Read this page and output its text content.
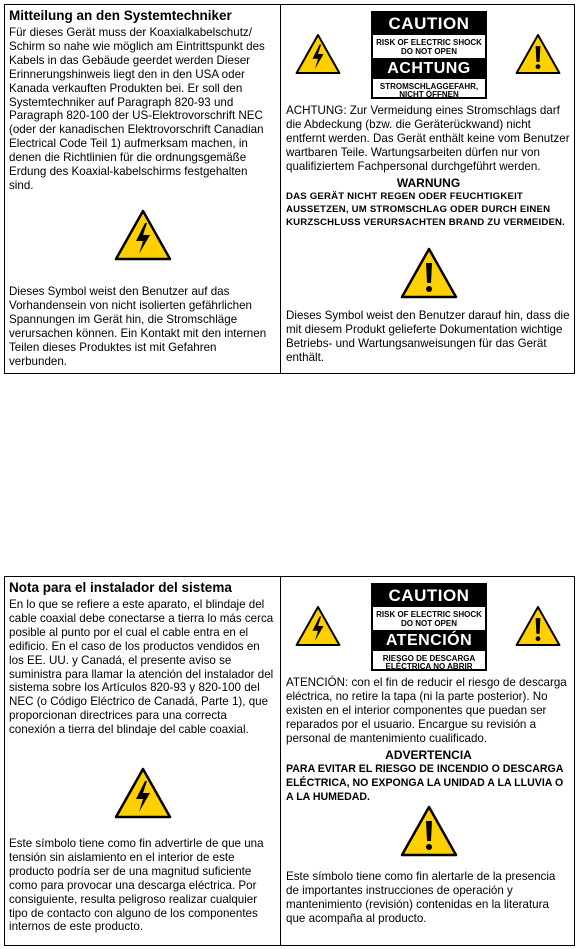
Mitteilung an den Systemtechniker

Für dieses Gerät muss der Koaxialkabelschutz/ Schirm so nahe wie möglich am Eintrittspunkt des Kabels in das Gebäude geerdet werden Dieser Erinnerungshinweis liegt den in den USA oder Kanada verkauften Produkten bei. Er soll den Systemtechniker auf Paragraph 820-93 und Paragraph 820-100 der US-Elektrovorschrift NEC (oder der kanadischen Elektrovorschrift Canadian Electrical Code Teil 1) aufmerksam machen, in denen die Richtlinien für die ordnungsgemäße Erdung des Koaxial-kabelschirms festgehalten sind.

Dieses Symbol weist den Benutzer auf das Vorhandensein von nicht isolierten gefährlichen Spannungen im Gerät hin, die Stromschläge verursachen können. Ein Kontakt mit den internen Teilen dieses Produktes ist mit Gefahren verbunden.

CAUTION
RISK OF ELECTRIC SHOCK
DO NOT OPEN
ACHTUNG
STROMSCHLAGGEFAHR,
NICHT ÖFFNEN

ACHTUNG: Zur Vermeidung eines Stromschlags darf die Abdeckung (bzw. die Geräterückwand) nicht entfernt werden. Das Gerät enthält keine vom Benutzer wartbaren Teile. Wartungsarbeiten dürfen nur von qualifiziertem Fachpersonal durchgeführt werden.

WARNUNG

DAS GERÄT NICHT REGEN ODER FEUCHTIGKEIT AUSSETZEN, UM STROMSCHLAG ODER DURCH EINEN KURZSCHLUSS VERURSACHTEN BRAND ZU VERMEIDEN.

Dieses Symbol weist den Benutzer darauf hin, dass die mit diesem Produkt gelieferte Dokumentation wichtige Betriebs- und Wartungsanweisungen für das Gerät enthält.

Nota para el instalador del sistema

En lo que se refiere a este aparato, el blindaje del cable coaxial debe conectarse a tierra lo más cerca posible al punto por el cual el cable entra en el edificio. En el caso de los productos vendidos en los EE. UU. y Canadá, el presente aviso se suministra para llamar la atención del instalador del sistema sobre los Artículos 820-93 y 820-100 del NEC (o Código Eléctrico de Canadá, Parte 1), que proporcionan directrices para una correcta conexión a tierra del blindaje del cable coaxial.

Este símbolo tiene como fin advertirle de que una tensión sin aislamiento en el interior de este producto podría ser de una magnitud suficiente como para provocar una descarga eléctrica. Por consiguiente, resulta peligroso realizar cualquier tipo de contacto con alguno de los componentes internos de este producto.

CAUTION
RISK OF ELECTRIC SHOCK
DO NOT OPEN
ATENCIÓN
RIESGO DE DESCARGA
ELÉCTRICA NO ABRIR

ATENCIÓN: con el fin de reducir el riesgo de descarga eléctrica, no retire la tapa (ni la parte posterior). No existen en el interior componentes que puedan ser reparados por el usuario. Encargue su revisión a personal de mantenimiento cualificado.

ADVERTENCIA

PARA EVITAR EL RIESGO DE INCENDIO O DESCARGA ELÉCTRICA, NO EXPONGA LA UNIDAD A LA LLUVIA O A LA HUMEDAD.

Este símbolo tiene como fin alertarle de la presencia de importantes instrucciones de operación y mantenimiento (revisión) contenidas en la literatura que acompaña al producto.
